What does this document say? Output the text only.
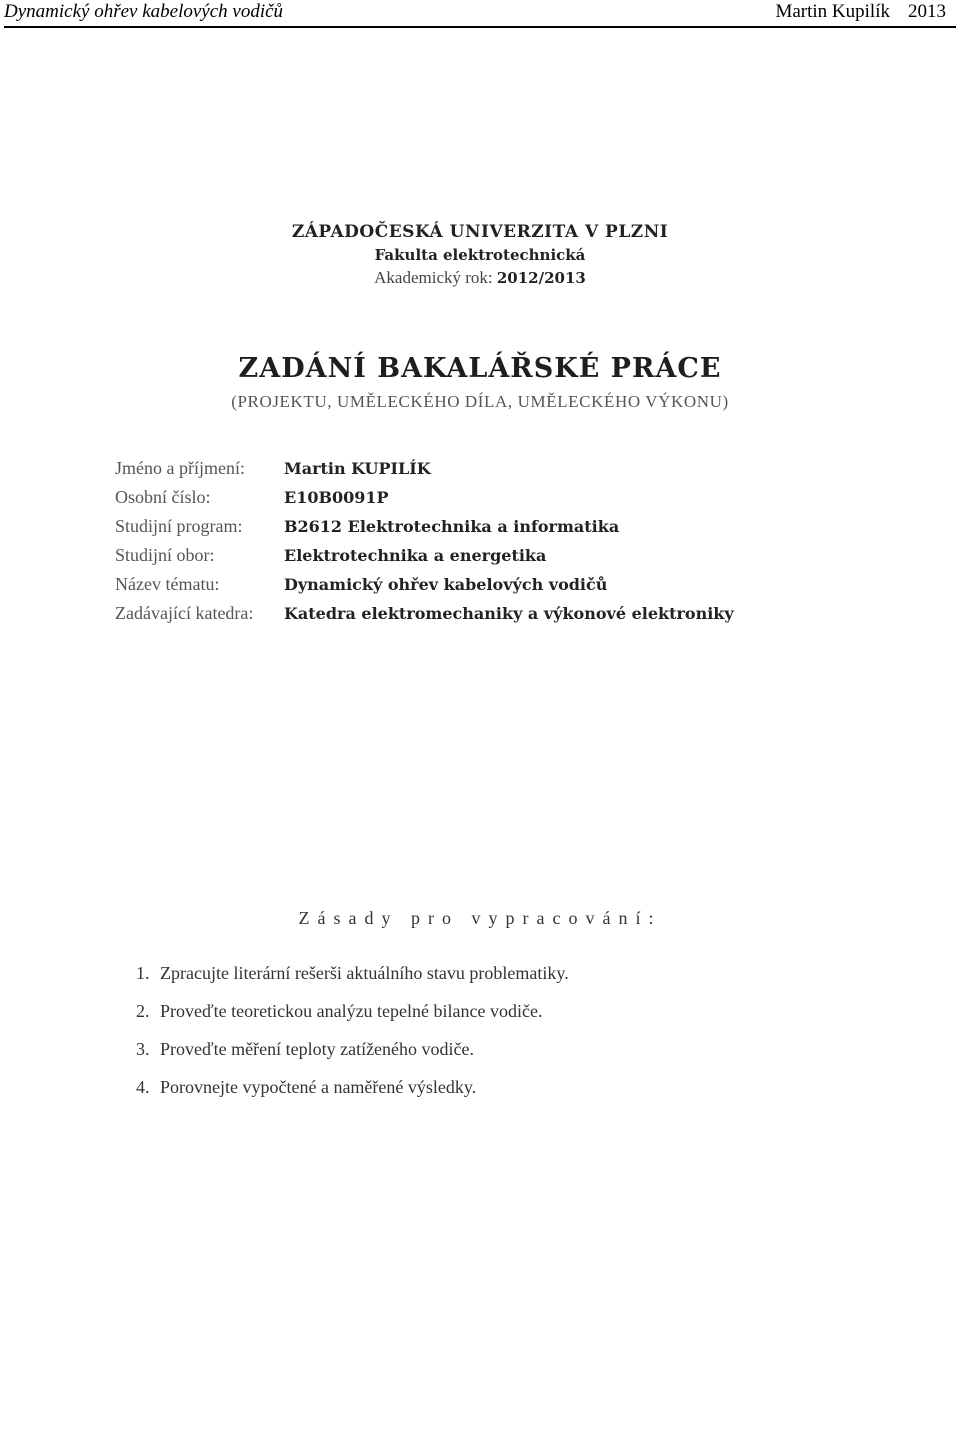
Dynamický ohřev kabelových vodičů	Martin Kupilík 2013
ZÁPADOČESKÁ UNIVERZITA V PLZNI
Fakulta elektrotechnická
Akademický rok: 2012/2013
ZADÁNÍ BAKALÁŘSKÉ PRÁCE
(PROJEKTU, UMĚLECKÉHO DÍLA, UMĚLECKÉHO VÝKONU)
Jméno a příjmení:	Martin KUPILÍK
Osobní číslo:	E10B0091P
Studijní program:	B2612 Elektrotechnika a informatika
Studijní obor:	Elektrotechnika a energetika
Název tématu:	Dynamický ohřev kabelových vodičů
Zadávající katedra:	Katedra elektromechaniky a výkonové elektroniky
Zásady pro vypracování:
1. Zpracujte literární rešerši aktuálního stavu problematiky.
2. Proveďte teoretickou analýzu tepelné bilance vodiče.
3. Proveďte měření teploty zatíženého vodiče.
4. Porovnejte vypočtené a naměřené výsledky.
